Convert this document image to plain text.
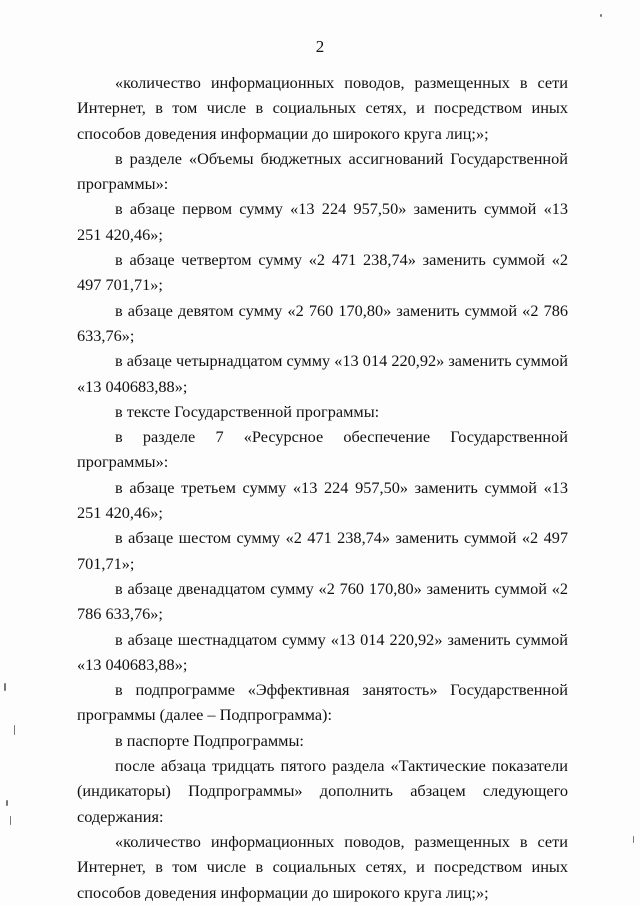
2

«количество информационных поводов, размещенных в сети Интернет, в том числе в социальных сетях, и посредством иных способов доведения информации до широкого круга лиц;»;

в разделе «Объемы бюджетных ассигнований Государственной программы»:

в абзаце первом сумму «13 224 957,50» заменить суммой «13 251 420,46»;

в абзаце четвертом сумму «2 471 238,74» заменить суммой «2 497 701,71»;

в абзаце девятом сумму «2 760 170,80» заменить суммой «2 786 633,76»;

в абзаце четырнадцатом сумму «13 014 220,92» заменить суммой «13 040683,88»;

в тексте Государственной программы:

в разделе 7 «Ресурсное обеспечение Государственной программы»:

в абзаце третьем сумму «13 224 957,50» заменить суммой «13 251 420,46»;

в абзаце шестом сумму «2 471 238,74» заменить суммой «2 497 701,71»;

в абзаце двенадцатом сумму «2 760 170,80» заменить суммой «2 786 633,76»;

в абзаце шестнадцатом сумму «13 014 220,92» заменить суммой «13 040683,88»;

в подпрограмме «Эффективная занятость» Государственной программы (далее – Подпрограмма):

в паспорте Подпрограммы:

после абзаца тридцать пятого раздела «Тактические показатели (индикаторы) Подпрограммы» дополнить абзацем следующего содержания:

«количество информационных поводов, размещенных в сети Интернет, в том числе в социальных сетях, и посредством иных способов доведения информации до широкого круга лиц;»;
